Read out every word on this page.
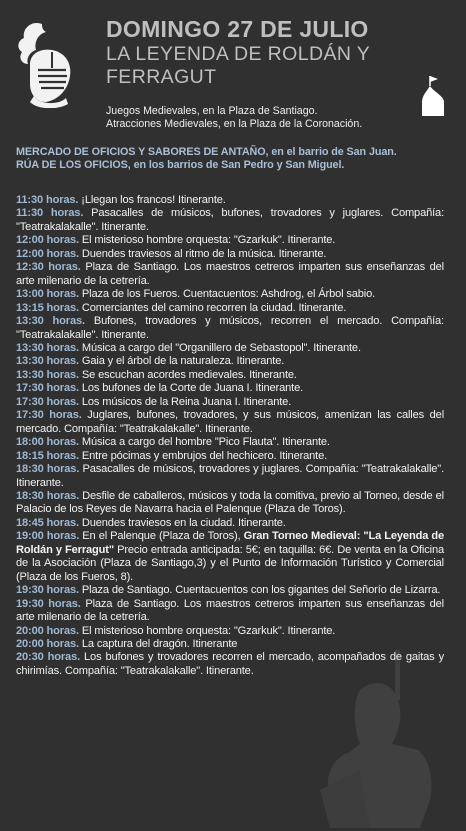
DOMINGO 27 DE JULIO

LA LEYENDA DE ROLDÁN Y FERRAGUT

Juegos Medievales, en la Plaza de Santiago.
Atracciones Medievales, en la Plaza de la Coronación.
MERCADO DE OFICIOS Y SABORES DE ANTAÑO, en el barrio de San Juan.
RÚA DE LOS OFICIOS, en los barrios de San Pedro y San Miguel.

11:30 horas. ¡Llegan los francos! Itinerante.

11:30 horas. Pasacalles de músicos, bufones, trovadores y juglares. Compañía: "Teatrakalakalle". Itinerante.

12:00 horas. El misterioso hombre orquesta: "Gzarkuk". Itinerante.

12:00 horas. Duendes traviesos al ritmo de la música. Itinerante.

12:30 horas. Plaza de Santiago. Los maestros cetreros imparten sus enseñanzas del arte milenario de la cetrería.

13:00 horas. Plaza de los Fueros. Cuentacuentos: Ashdrog, el Árbol sabio.

13:15 horas. Comerciantes del camino recorren la ciudad. Itinerante.

13:30 horas. Bufones, trovadores y músicos, recorren el mercado. Compañía: "Teatrakalakalle". Itinerante.

13:30 horas. Música a cargo del "Organillero de Sebastopol". Itinerante.

13:30 horas. Gaia y el árbol de la naturaleza. Itinerante.

13:30 horas. Se escuchan acordes medievales. Itinerante.

17:30 horas. Los bufones de la Corte de Juana I. Itinerante.

17:30 horas. Los músicos de la Reina Juana I. Itinerante.

17:30 horas. Juglares, bufones, trovadores, y sus músicos, amenizan las calles del mercado. Compañía: "Teatrakalakalle". Itinerante.

18:00 horas. Música a cargo del hombre "Pico Flauta". Itinerante.

18:15 horas. Entre pócimas y embrujos del hechicero. Itinerante.

18:30 horas. Pasacalles de músicos, trovadores y juglares. Compañía: "Teatrakalakalle". Itinerante.

18:30 horas. Desfile de caballeros, músicos y toda la comitiva, previo al Torneo, desde el Palacio de los Reyes de Navarra hacia el Palenque (Plaza de Toros).

18:45 horas. Duendes traviesos en la ciudad. Itinerante.

19:00 horas. En el Palenque (Plaza de Toros), Gran Torneo Medieval: "La Leyenda de Roldán y Ferragut" Precio entrada anticipada: 5€; en taquilla: 6€. De venta en la Oficina de la Asociación (Plaza de Santiago,3) y el Punto de Información Turístico y Comercial (Plaza de los Fueros, 8).

19:30 horas. Plaza de Santiago. Cuentacuentos con los gigantes del Señorío de Lizarra.

19:30 horas. Plaza de Santiago. Los maestros cetreros imparten sus enseñanzas del arte milenario de la cetrería.

20:00 horas. El misterioso hombre orquesta: "Gzarkuk". Itinerante.

20:00 horas. La captura del dragón. Itinerante

20:30 horas. Los bufones y trovadores recorren el mercado, acompañados de gaitas y chirimías. Compañía: "Teatrakalakalle". Itinerante.
